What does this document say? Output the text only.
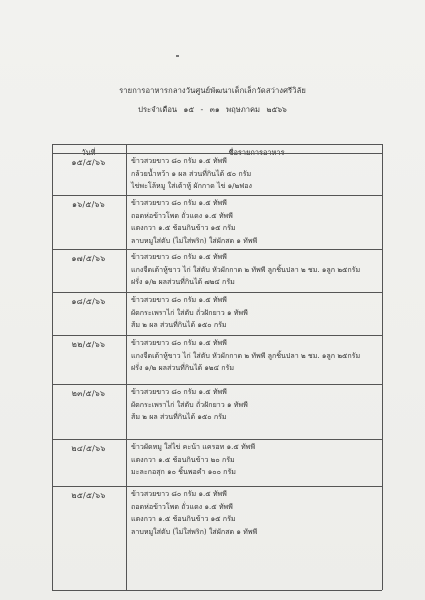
รายการอาหารกลางวันศูนย์พัฒนาเด็กเล็กวัดสว่างศรีวิลัย
ประจำเดือน ๑๕ - ๓๑ พฤษภาคม ๒๕๖๖
วันที่	ชื่อรายการอาหาร
๑๕/๕/๖๖	ข้าวสวยขาว ๘๐ กรัม ๑.๕ ทัพพี
กล้วยน้ำหว้า ๑ ผล ส่วนที่กินได้ ๕๐ กรัม
ไข่พะโล้หมู ใส่เต้าหู้ ผักกาด ไข่ ๑/๒ฟอง
๑๖/๕/๖๖	ข้าวสวยขาว ๘๐ กรัม ๑.๕ ทัพพี
ถอดห่อข้าวโพด ถั่วแดง ๑.๕ ทัพพี
แตงกวา ๑.๕ ช้อนกินข้าว ๑๕ กรัม
ลาบหมูใส่ตับ (ไม่ใส่พริก) ใส่ผักสด ๑ ทัพพี
๑๗/๕/๖๖	ข้าวสวยขาว ๘๐ กรัม ๑.๕ ทัพพี
แกงจืดเต้าหู้ขาว ไก่ ใส่ตับ หัวผักกาด ๒ ทัพพี ลูกชิ้นปลา ๒ ชม. ๑ลูก ๒๕กรัม
ฝรั่ง ๑/๒ ผลส่วนที่กินได้ ๗๒๔ กรัม
๑๘/๕/๖๖	ข้าวสวยขาว ๘๐ กรัม ๑.๕ ทัพพี
ผัดกระเพราไก่ ใส่ตับ ถั่วฝักยาว ๑ ทัพพี
ส้ม ๒ ผล ส่วนที่กินได้ ๑๕๐ กรัม
๒๒/๕/๖๖	ข้าวสวยขาว ๘๐ กรัม ๑.๕ ทัพพี
แกงจืดเต้าหู้ขาว ไก่ ใส่ตับ หัวผักกาด ๒ ทัพพี ลูกชิ้นปลา ๒ ชม. ๑ลูก ๒๕กรัม
ฝรั่ง ๑/๒ ผลส่วนที่กินได้ ๑๒๔ กรัม
๒๓/๕/๖๖	ข้าวสวยขาว ๘๐ กรัม ๑.๕ ทัพพี
ผัดกระเพราไก่ ใส่ตับ ถั่วฝักยาว ๑ ทัพพี
ส้ม ๒ ผล ส่วนที่กินได้ ๑๕๐ กรัม
๒๔/๕/๖๖	ข้าวผัดหมู ใส่ไข่ คะน้า แครอท ๑.๕ ทัพพี
แตงกวา ๑.๕ ช้อนกินข้าว ๒๐ กรัม
มะละกอสุก ๑๐ ชิ้นพอคำ ๑๐๐ กรัม
๒๕/๕/๖๖	ข้าวสวยขาว ๘๐ กรัม ๑.๕ ทัพพี
ถอดห่อข้าวโพด ถั่วแดง ๑.๕ ทัพพี
แตงกวา ๑.๕ ช้อนกินข้าว ๑๕ กรัม
ลาบหมูใส่ตับ (ไม่ใส่พริก) ใส่ผักสด ๑ ทัพพี
